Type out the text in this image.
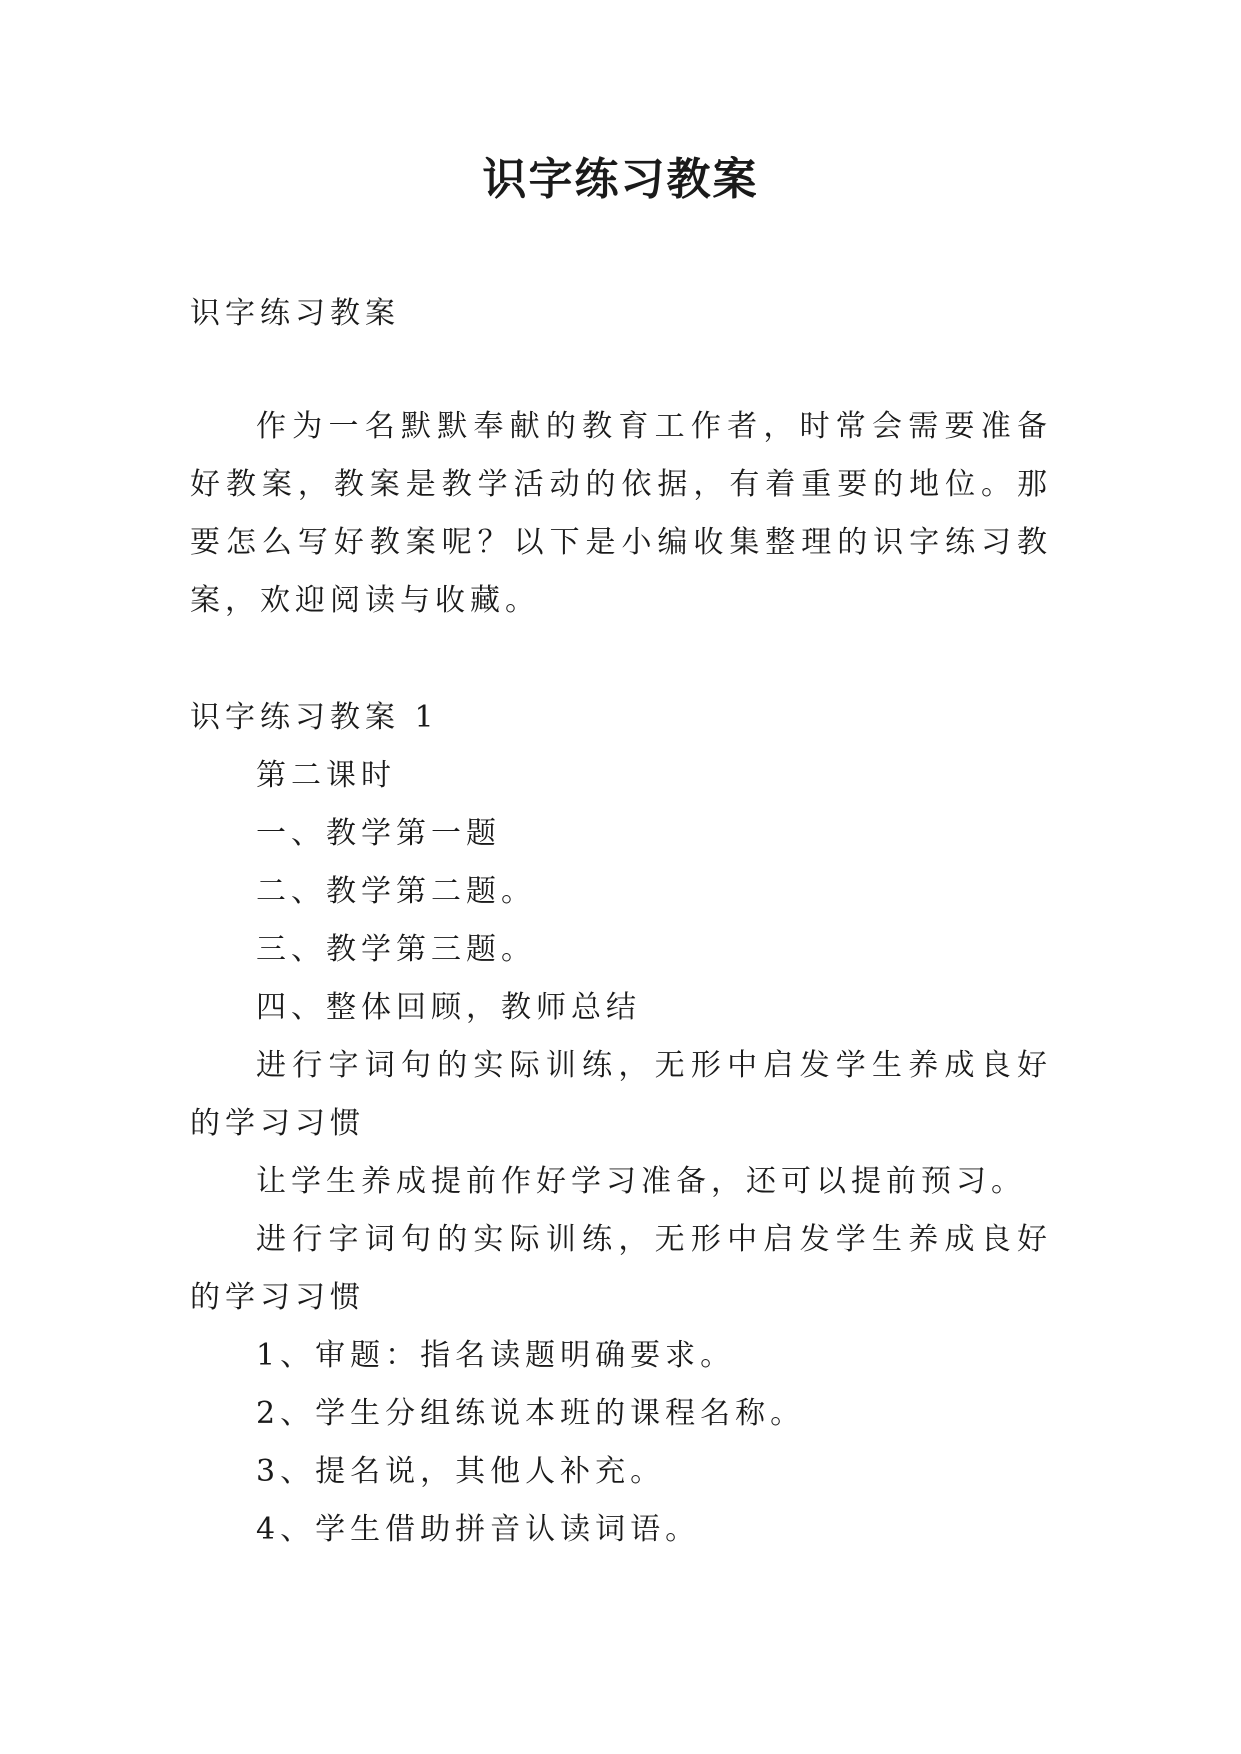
识字练习教案
识字练习教案
作为一名默默奉献的教育工作者，时常会需要准备好教案，教案是教学活动的依据，有着重要的地位。那要怎么写好教案呢？以下是小编收集整理的识字练习教案，欢迎阅读与收藏。
识字练习教案 1
第二课时
一、教学第一题
二、教学第二题。
三、教学第三题。
四、整体回顾，教师总结
进行字词句的实际训练，无形中启发学生养成良好的学习习惯
让学生养成提前作好学习准备，还可以提前预习。
进行字词句的实际训练，无形中启发学生养成良好的学习习惯
1、审题：指名读题明确要求。
2、学生分组练说本班的课程名称。
3、提名说，其他人补充。
4、学生借助拼音认读词语。
